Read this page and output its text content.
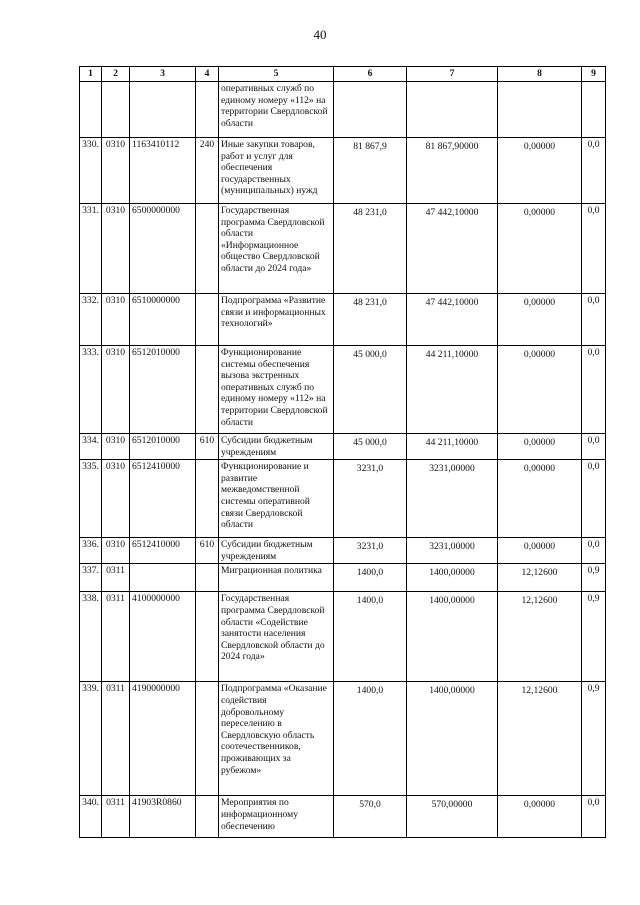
40
1	2	3	4	5	6	7	8	9
				оперативных служб по единому номеру «112» на территории Свердловской области				
330.	0310	1163410112	240	Иные закупки товаров, работ и услуг для обеспечения государственных (муниципальных) нужд	81 867,9	81 867,90000	0,00000	0,0
331.	0310	6500000000		Государственная программа Свердловской области «Информационное общество Свердловской области до 2024 года»	48 231,0	47 442,10000	0,00000	0,0
332.	0310	6510000000		Подпрограмма «Развитие связи и информационных технологий»	48 231,0	47 442,10000	0,00000	0,0
333.	0310	6512010000		Функционирование системы обеспечения вызова экстренных оперативных служб по единому номеру «112» на территории Свердловской области	45 000,0	44 211,10000	0,00000	0,0
334.	0310	6512010000	610	Субсидии бюджетным учреждениям	45 000,0	44 211,10000	0,00000	0,0
335.	0310	6512410000		Функционирование и развитие межведомственной системы оперативной связи Свердловской области	3231,0	3231,00000	0,00000	0,0
336.	0310	6512410000	610	Субсидии бюджетным учреждениям	3231,0	3231,00000	0,00000	0,0
337.	0311			Миграционная политика	1400,0	1400,00000	12,12600	0,9
338.	0311	4100000000		Государственная программа Свердловской области «Содействие занятости населения Свердловской области до 2024 года»	1400,0	1400,00000	12,12600	0,9
339.	0311	4190000000		Подпрограмма «Оказание содействия добровольному переселению в Свердловскую область соотечественников, проживающих за рубежом»	1400,0	1400,00000	12,12600	0,9
340.	0311	41903R0860		Мероприятия по информационному обеспечению	570,0	570,00000	0,00000	0,0
